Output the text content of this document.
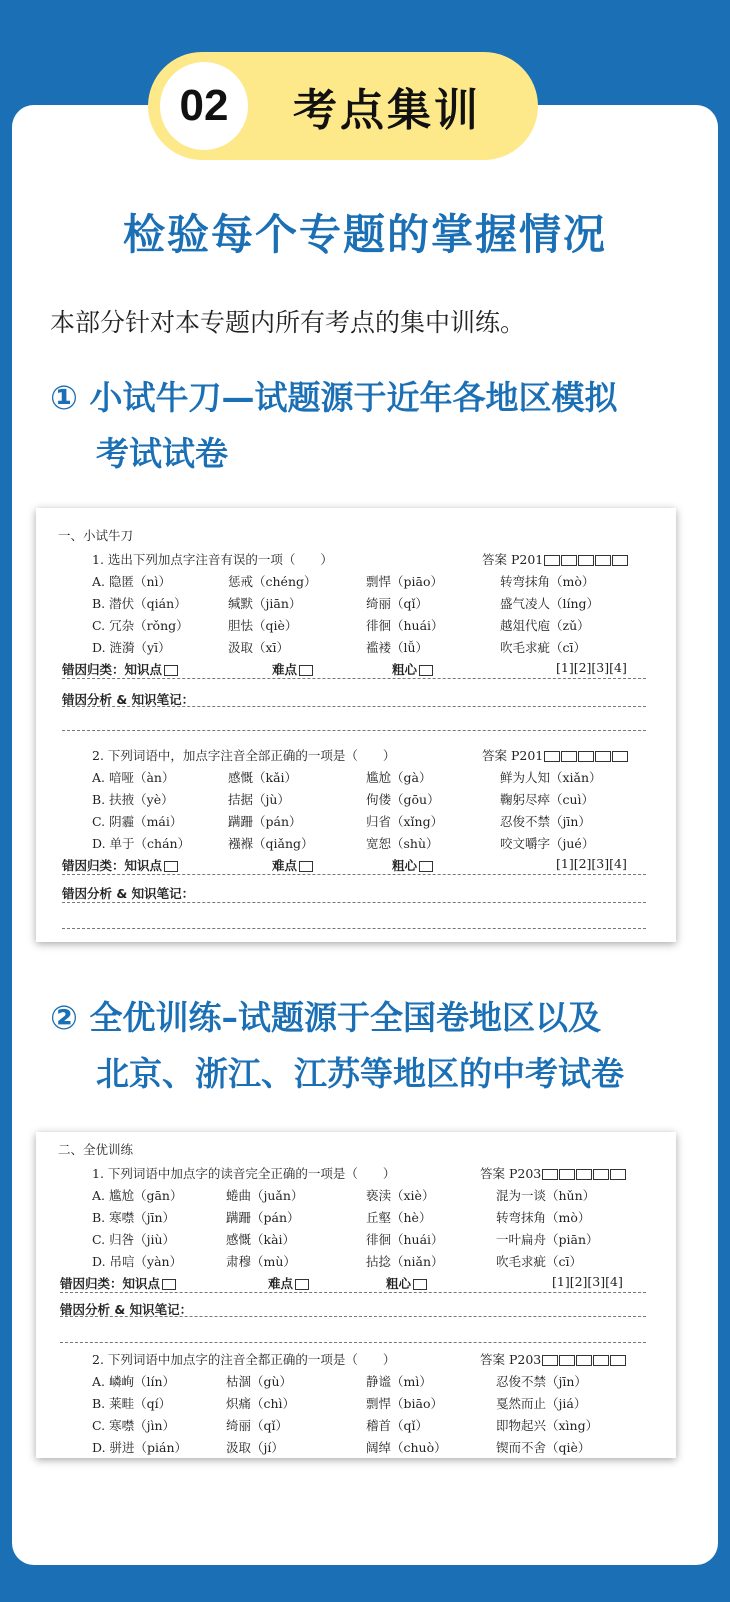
02	考点集训
检验每个专题的掌握情况
本部分针对本专题内所有考点的集中训练。
① 小试牛刀—试题源于近年各地区模拟
考试试卷
一、小试牛刀
1. 选出下列加点字注音有误的一项（　　）	答案 P201
A. 隐匿（nì）	惩戒（chéng）	剽悍（piāo）	转弯抹角（mò）
B. 潜伏（qián）	缄默（jiān）	绮丽（qǐ）	盛气凌人（líng）
C. 冗杂（rǒng）	胆怯（qiè）	徘徊（huái）	越俎代庖（zǔ）
D. 涟漪（yī）	汲取（xī）	褴褛（lǚ）	吹毛求疵（cī）
错因归类：知识点	难点	粗心	[1][2][3][4]
错因分析 & 知识笔记：
2. 下列词语中，加点字注音全部正确的一项是（　　）	答案 P201
A. 喑哑（àn）	感慨（kǎi）	尴尬（gà）	鲜为人知（xiǎn）
B. 扶掖（yè）	拮据（jù）	佝偻（gōu）	鞠躬尽瘁（cuì）
C. 阴霾（mái）	蹒跚（pán）	归省（xǐng）	忍俊不禁（jīn）
D. 单于（chán）	襁褓（qiǎng）	宽恕（shù）	咬文嚼字（jué）
错因归类：知识点	难点	粗心	[1][2][3][4]
错因分析 & 知识笔记：
② 全优训练–试题源于全国卷地区以及
北京、浙江、江苏等地区的中考试卷
二、全优训练
1. 下列词语中加点字的读音完全正确的一项是（　　）	答案 P203
A. 尴尬（gān）	蜷曲（juǎn）	亵渎（xiè）	混为一谈（hǔn）
B. 寒噤（jīn）	蹒跚（pán）	丘壑（hè）	转弯抹角（mò）
C. 归咎（jiù）	感慨（kài）	徘徊（huái）	一叶扁舟（piān）
D. 吊唁（yàn）	肃穆（mù）	拈捻（niǎn）	吹毛求疵（cī）
错因归类：知识点	难点	粗心	[1][2][3][4]
错因分析 & 知识笔记：
2. 下列词语中加点字的注音全都正确的一项是（　　）	答案 P203
A. 嶙峋（lín）	枯涸（gù）	静谧（mì）	忍俊不禁（jīn）
B. 莱畦（qí）	炽痛（chì）	剽悍（biāo）	戛然而止（jiá）
C. 寒噤（jìn）	绮丽（qǐ）	稽首（qǐ）	即物起兴（xìng）
D. 骈进（pián）	汲取（jí）	阔绰（chuò）	锲而不舍（qiè）
